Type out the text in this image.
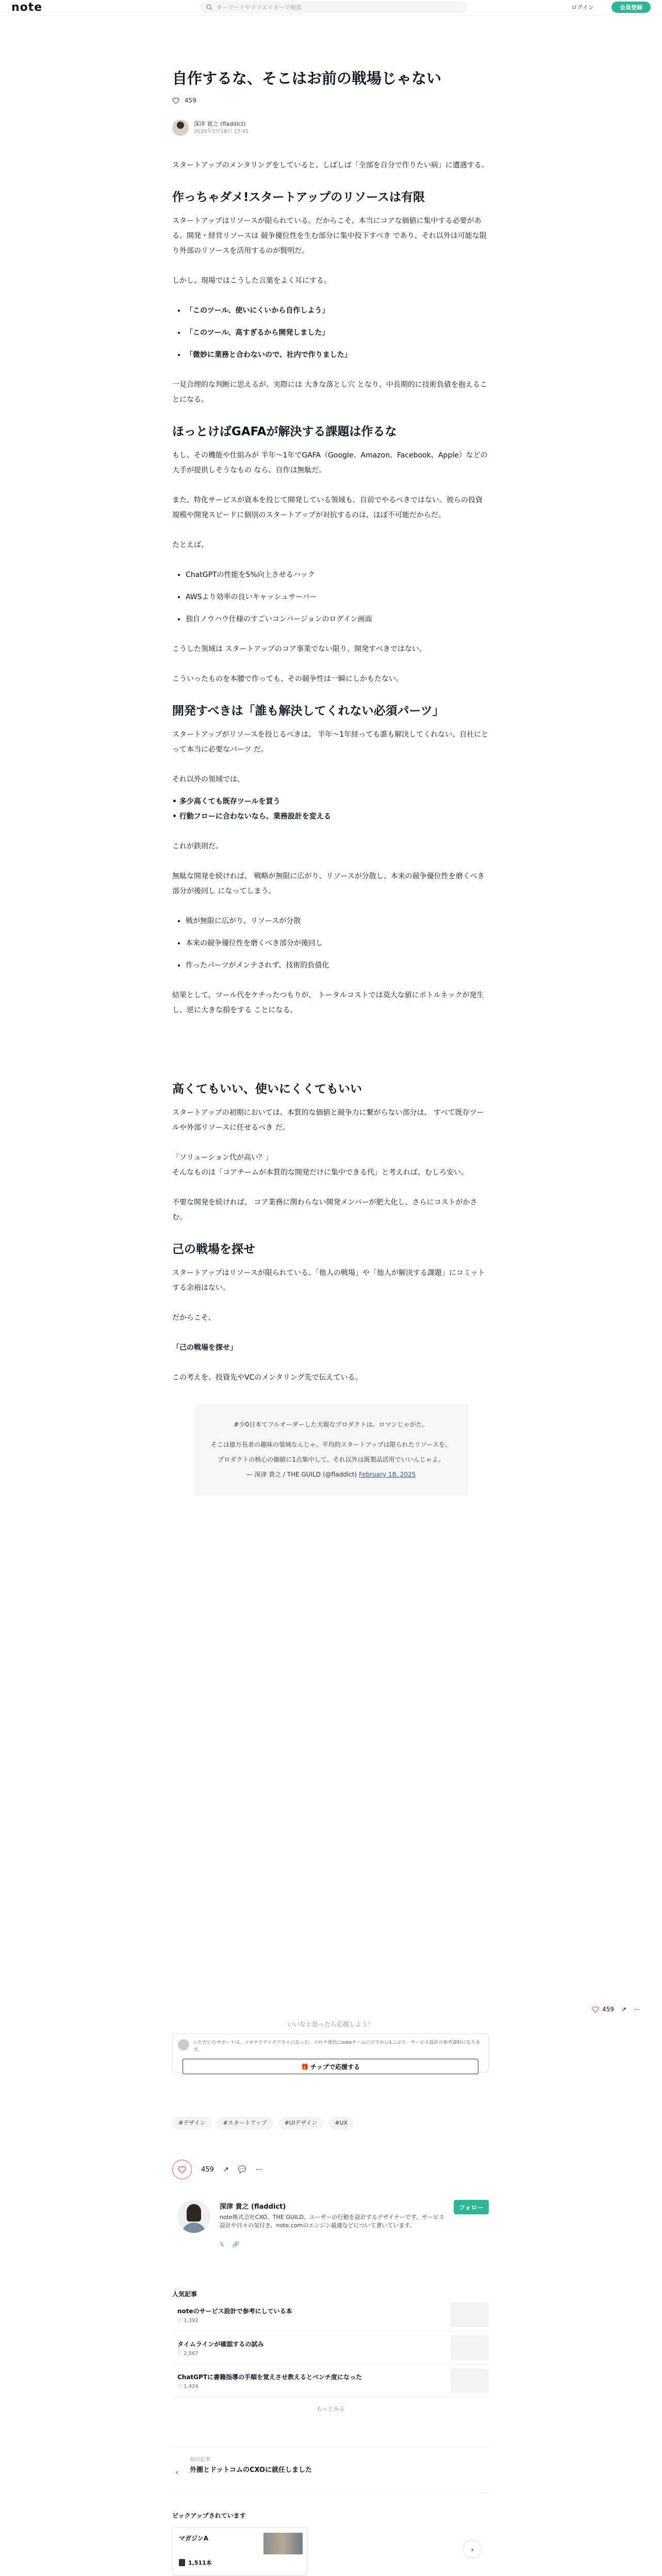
note	キーワードやクリエイターで検索	ログイン	会員登録
自作するな、そこはお前の戦場じゃない
459
深津 貴之 (fladdict)
2025年2月18日 17:41

スタートアップのメンタリングをしていると、しばしば「全部を自分で作りたい病」に遭遇する。

作っちゃダメ!スタートアップのリソースは有限

スタートアップはリソースが限られている。だからこそ、本当にコアな価値に集中する必要がある。開発・経営リソースは 競争優位性を生む部分に集中投下すべき であり、それ以外は可能な限り外部のリソースを活用するのが賢明だ。

しかし、現場ではこうした言葉をよく耳にする。

• 「このツール、使いにくいから自作しよう」
• 「このツール、高すぎるから開発しました」
• 「微妙に業務と合わないので、社内で作りました」

一見合理的な判断に思えるが、実際には 大きな落とし穴 となり、中長期的に技術負債を抱えることになる。

ほっとけばGAFAが解決する課題は作るな

もし、その機能や仕組みが 半年〜1年でGAFA（Google、Amazon、Facebook、Apple）などの大手が提供しそうなもの なら、自作は無駄だ。

また、特化サービスが資本を投じて開発している領域も、自前でやるべきではない。彼らの投資規模や開発スピードに個別のスタートアップが対抗するのは、ほぼ不可能だからだ。

たとえば、

• ChatGPTの性能を5%向上させるハック
• AWSより効率の良いキャッシュサーバー
• 独自ノウハウ仕様のすごいコンバージョンのログイン画面

こうした領域は スタートアップのコア事業でない限り、開発すべきではない。

こういったものを本腰で作っても、その競争性は一瞬にしかもたない。

開発すべきは「誰も解決してくれない必須パーツ」

スタートアップがリソースを投じるべきは、 半年〜1年経っても誰も解決してくれない、自社にとって本当に必要なパーツ だ。

それ以外の領域では、

• 多少高くても既存ツールを買う
• 行動フローに合わないなら、業務設計を変える

これが鉄則だ。

無駄な開発を続ければ、 戦略が無限に広がり、リソースが分散し、本来の競争優位性を磨くべき部分が後回し になってしまう。

• 戦が無限に広がり、リソースが分散
• 本来の競争優位性を磨くべき部分が後回し
• 作ったパーツがメンテされず、技術的負債化

結果として、ツール代をケチったつもりが、 トータルコストでは莫大な値にボトルネックが発生し、逆に大きな損をする ことになる。

高くてもいい、使いにくくてもいい

スタートアップの初期においては、本質的な価値と競争力に繋がらない部分は、 すべて既存ツールや外部リソースに任せるべき だ。

「ソリューション代が高い？」

そんなものは「コアチームが本質的な開発だけに集中できる代」と考えれば、むしろ安い。

不要な開発を続ければ、 コア業務に関わらない開発メンバーが肥大化し、さらにコストがかさむ。

己の戦場を探せ

スタートアップはリソースが限られている。「他人の戦場」や「他人が解決する課題」にコミットする余裕はない。

だからこそ、

「己の戦場を探せ」

この考えを、投資先やVCのメンタリング先で伝えている。

#少0日本てフルオーダーした天報なプロダクトは、ロマンじゃがた。
そこは億万長者の趣味の領域なんじゃ。平均的スタートアップは限られたリソースを、プロダクトの核心の価値に1点集中して、それ以外は既製品活用でいいんじゃよ。
— 深津 貴之 / THE GUILD (@fladdict) February 18, 2025
459 ↗ ⋯
いいなと思ったら応援しよう！
いただいたサポートは、コロナでテイクアウトになった、コロナ食代にnoteチームにどでかい1こぶり、サービス設計の参考資料になります。
🎁 チップで応援する
#デザイン	#スタートアップ	#UIデザイン	#UX
459 ↗ 💬 ⋯
深津 貴之 (fladdict)
note株式会社CXO、THE GUILD。ユーザーの行動を設計するデザイナーです。サービス設計や日々の気付き、note.comのエンジン最適などについて書いています。
フォロー
𝕏 🔗
人気記事
noteのサービス設計で参考にしている本
♡ 1,392
タイムラインが確認するの試み
♡ 2,567
ChatGPTに書籍指導の手順を覚えさせ教えるとベンチ度になった
♡ 1,424
もっとみる
‹
前の記事
外圏とドットコムのCXOに就任しました
ピックアップされています
マガジンA
1,511本
›
